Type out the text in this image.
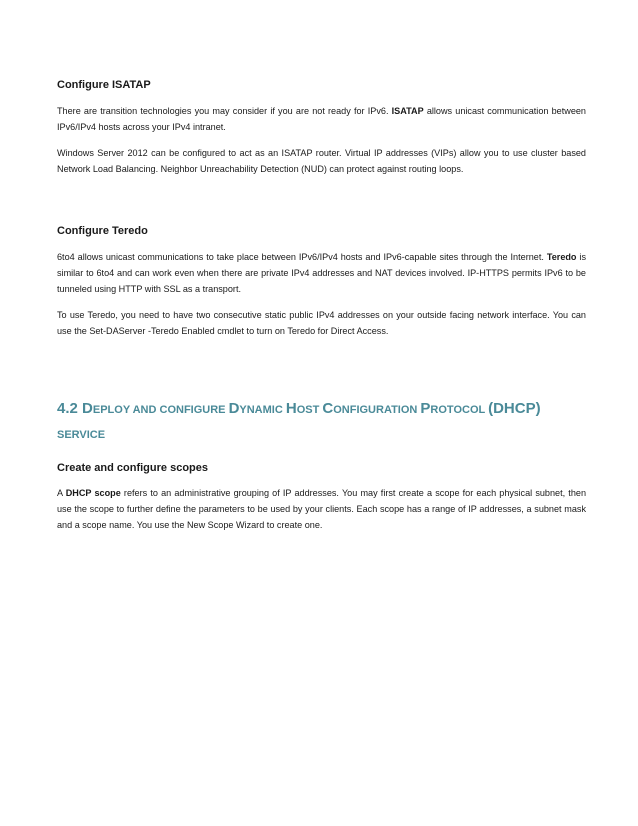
Configure ISATAP

There are transition technologies you may consider if you are not ready for IPv6. ISATAP allows unicast communication between IPv6/IPv4 hosts across your IPv4 intranet.

Windows Server 2012 can be configured to act as an ISATAP router. Virtual IP addresses (VIPs) allow you to use cluster based Network Load Balancing. Neighbor Unreachability Detection (NUD) can protect against routing loops.

Configure Teredo

6to4 allows unicast communications to take place between IPv6/IPv4 hosts and IPv6-capable sites through the Internet. Teredo is similar to 6to4 and can work even when there are private IPv4 addresses and NAT devices involved. IP-HTTPS permits IPv6 to be tunneled using HTTP with SSL as a transport.

To use Teredo, you need to have two consecutive static public IPv4 addresses on your outside facing network interface. You can use the Set-DAServer -Teredo Enabled cmdlet to turn on Teredo for Direct Access.

4.2 DEPLOY AND CONFIGURE DYNAMIC HOST CONFIGURATION PROTOCOL (DHCP)
SERVICE
Create and configure scopes

A DHCP scope refers to an administrative grouping of IP addresses. You may first create a scope for each physical subnet, then use the scope to further define the parameters to be used by your clients. Each scope has a range of IP addresses, a subnet mask and a scope name. You use the New Scope Wizard to create one.
